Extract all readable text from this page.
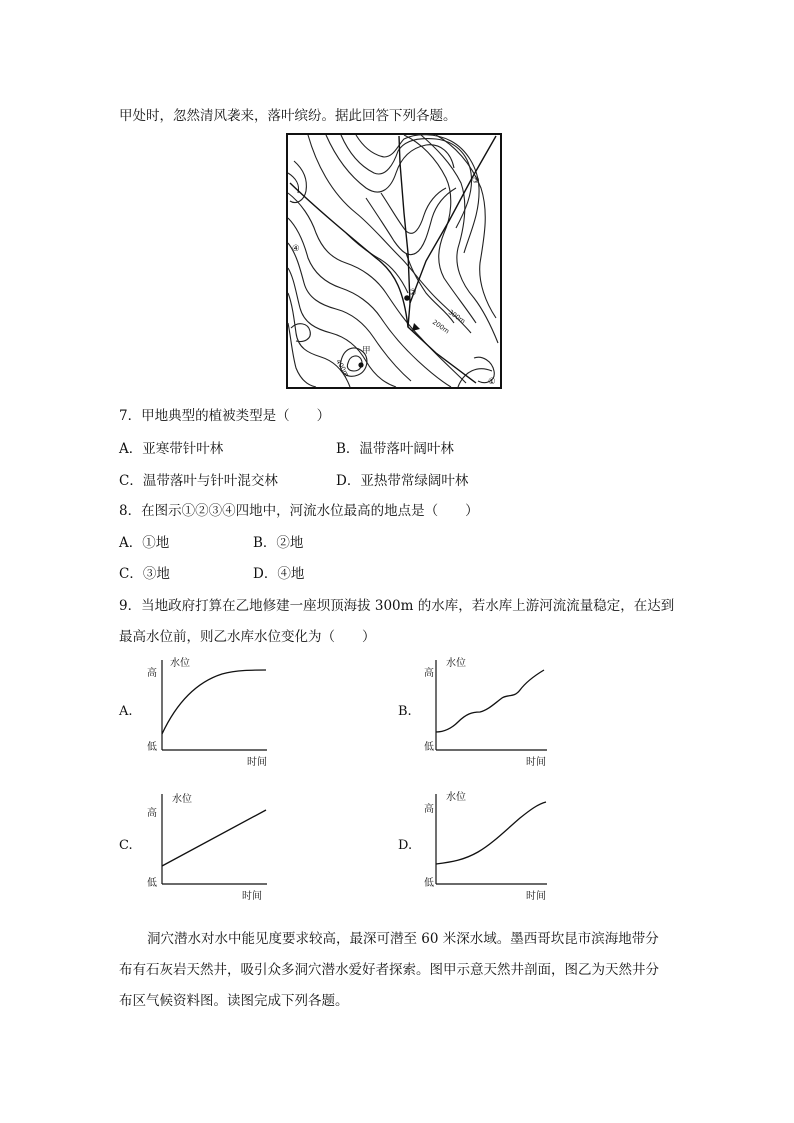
甲处时，忽然清风袭来，落叶缤纷。据此回答下列各题。
④
②
③
①
甲
300m
200m
400m
7．甲地典型的植被类型是（　　）
A．亚寒带针叶林	B．温带落叶阔叶林
C．温带落叶与针叶混交林	D．亚热带常绿阔叶林
8．在图示①②③④四地中，河流水位最高的地点是（　　）
A．①地	B．②地
C．③地	D．④地
9．当地政府打算在乙地修建一座坝顶海拔 300m 的水库，若水库上游河流流量稳定，在达到
最高水位前，则乙水库水位变化为（　　）
A.
水位
高
低
时间
B.
水位
高
低
时间
C.
水位
高
低
时间
D.
水位
高
低
时间
洞穴潜水对水中能见度要求较高，最深可潜至 60 米深水域。墨西哥坎昆市滨海地带分
布有石灰岩天然井，吸引众多洞穴潜水爱好者探索。图甲示意天然井剖面，图乙为天然井分
布区气候资料图。读图完成下列各题。
